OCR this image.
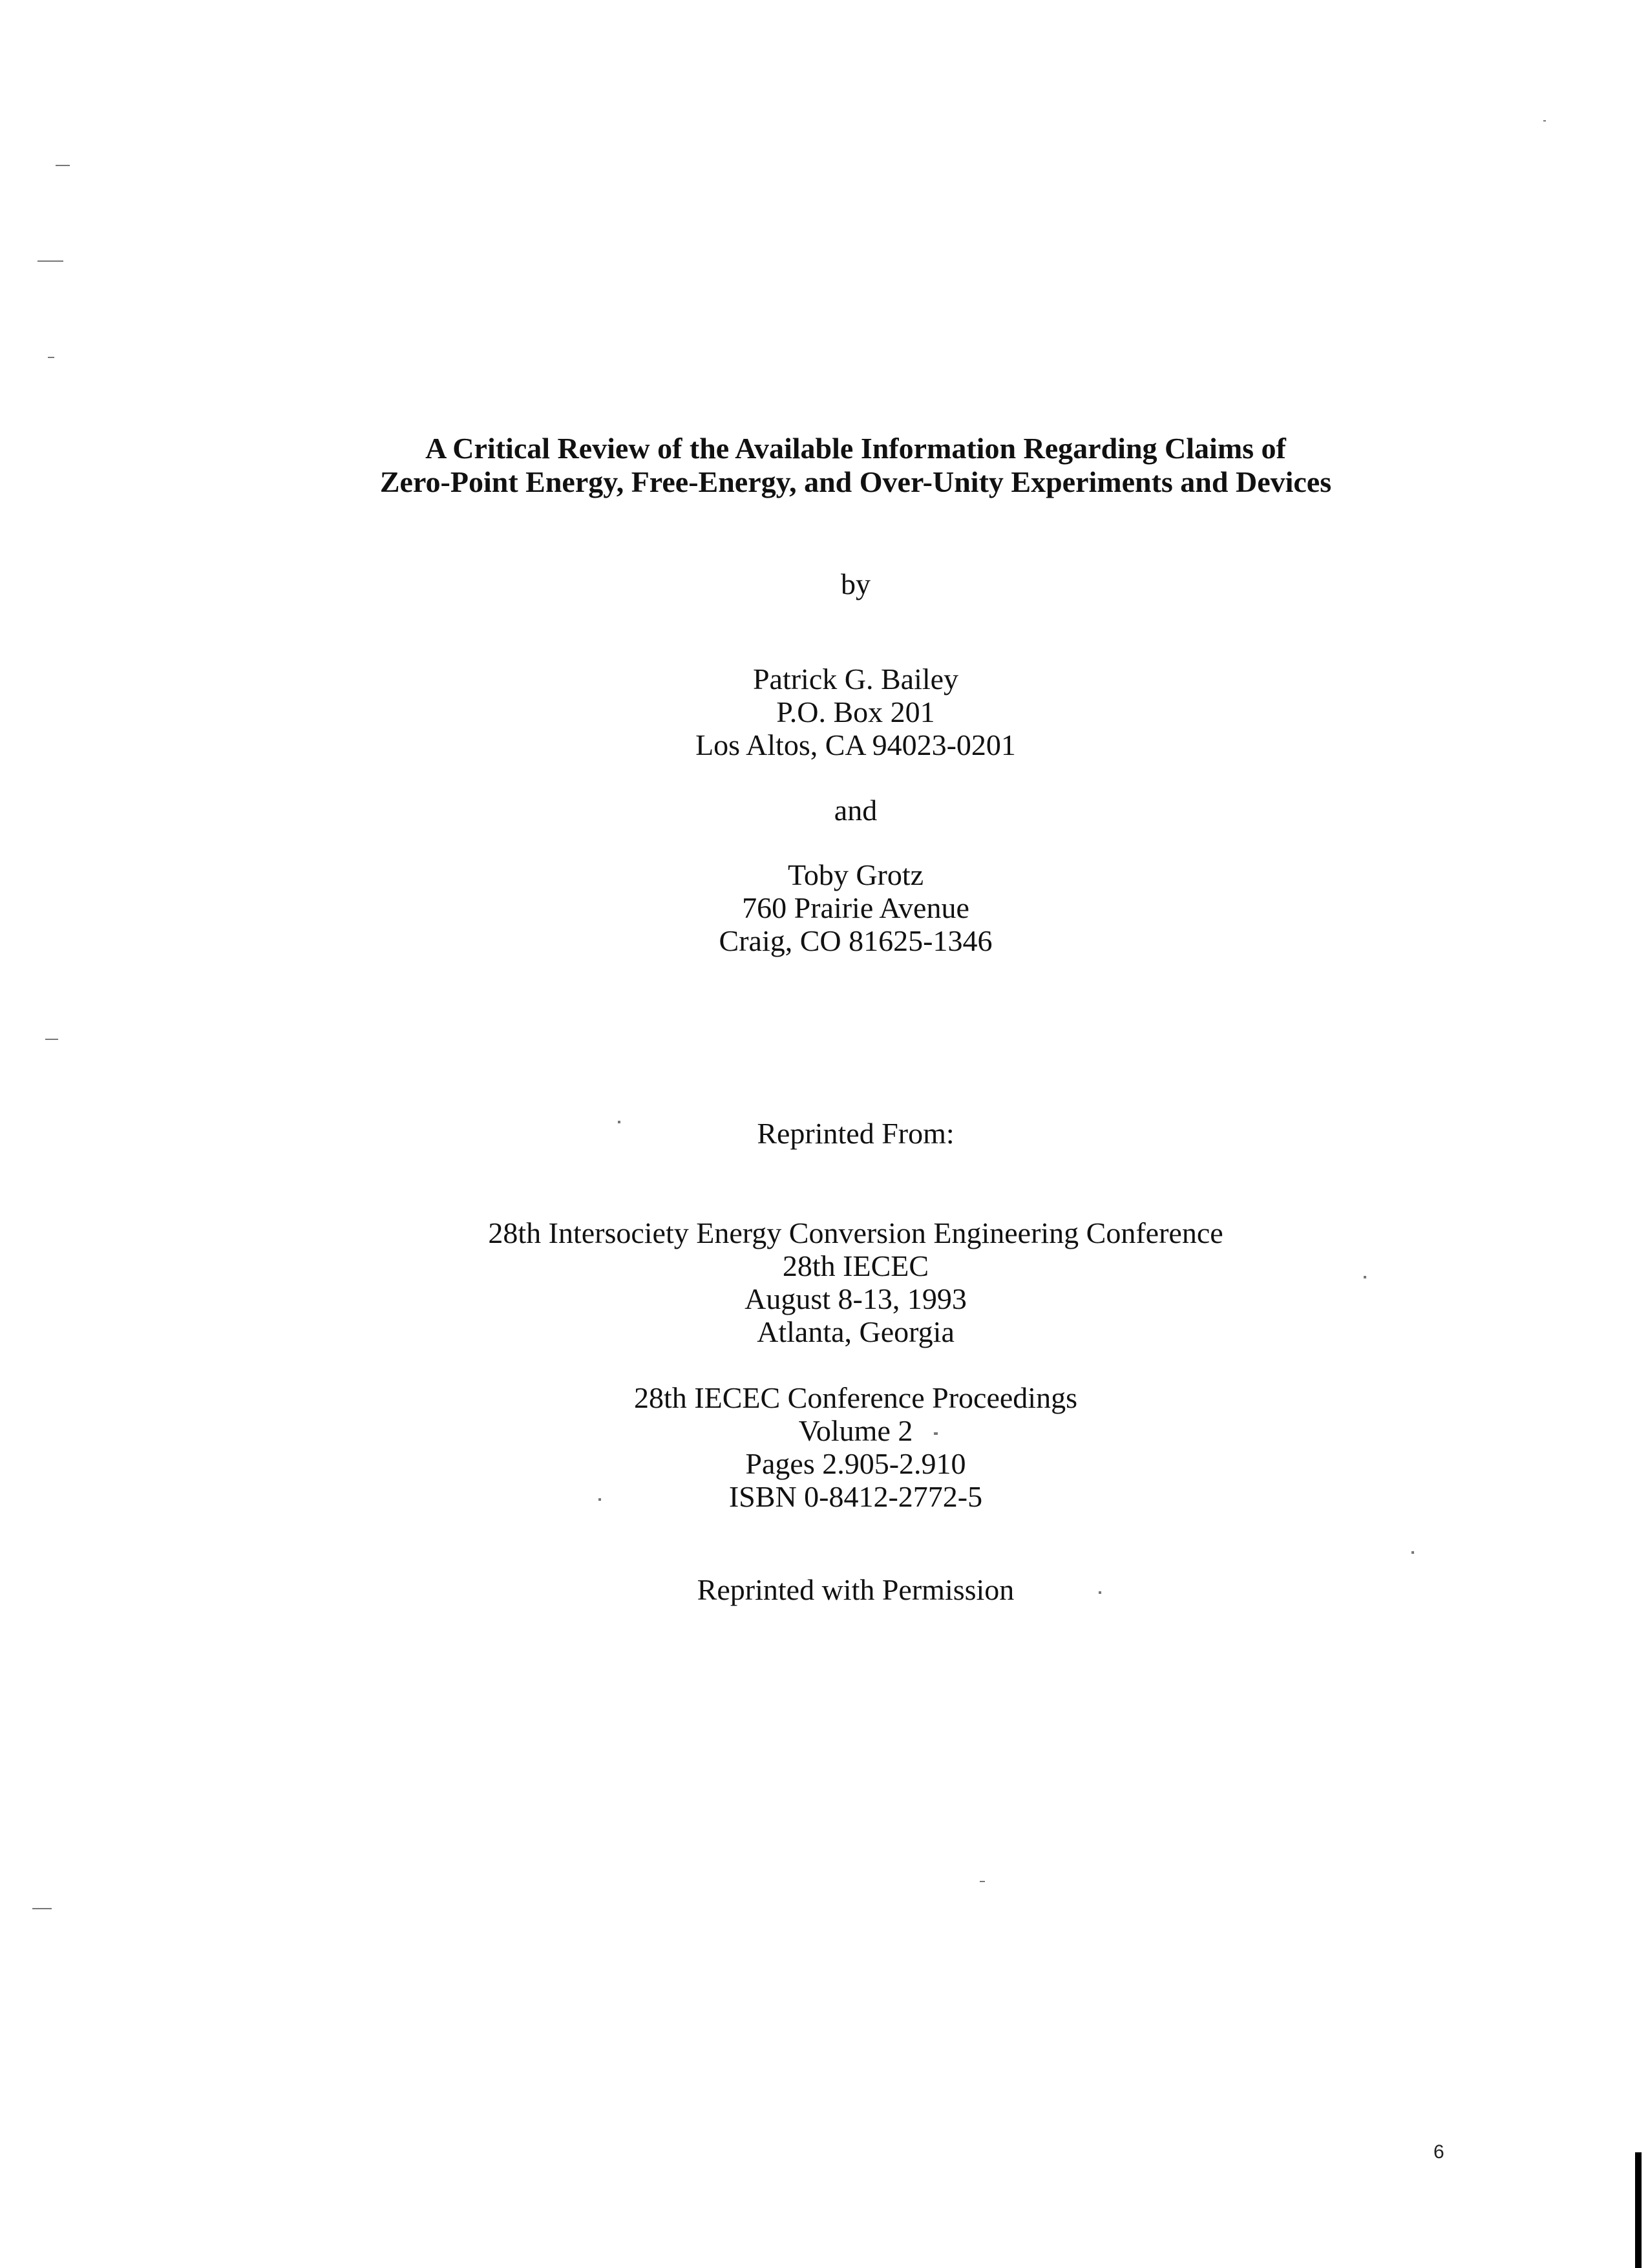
A Critical Review of the Available Information Regarding Claims of
Zero-Point Energy, Free-Energy, and Over-Unity Experiments and Devices
by
Patrick G. Bailey
P.O. Box 201
Los Altos, CA 94023-0201
and
Toby Grotz
760 Prairie Avenue
Craig, CO 81625-1346
Reprinted From:
28th Intersociety Energy Conversion Engineering Conference
28th IECEC
August 8-13, 1993
Atlanta, Georgia
28th IECEC Conference Proceedings
Volume 2
Pages 2.905-2.910
ISBN 0-8412-2772-5
Reprinted with Permission
6
